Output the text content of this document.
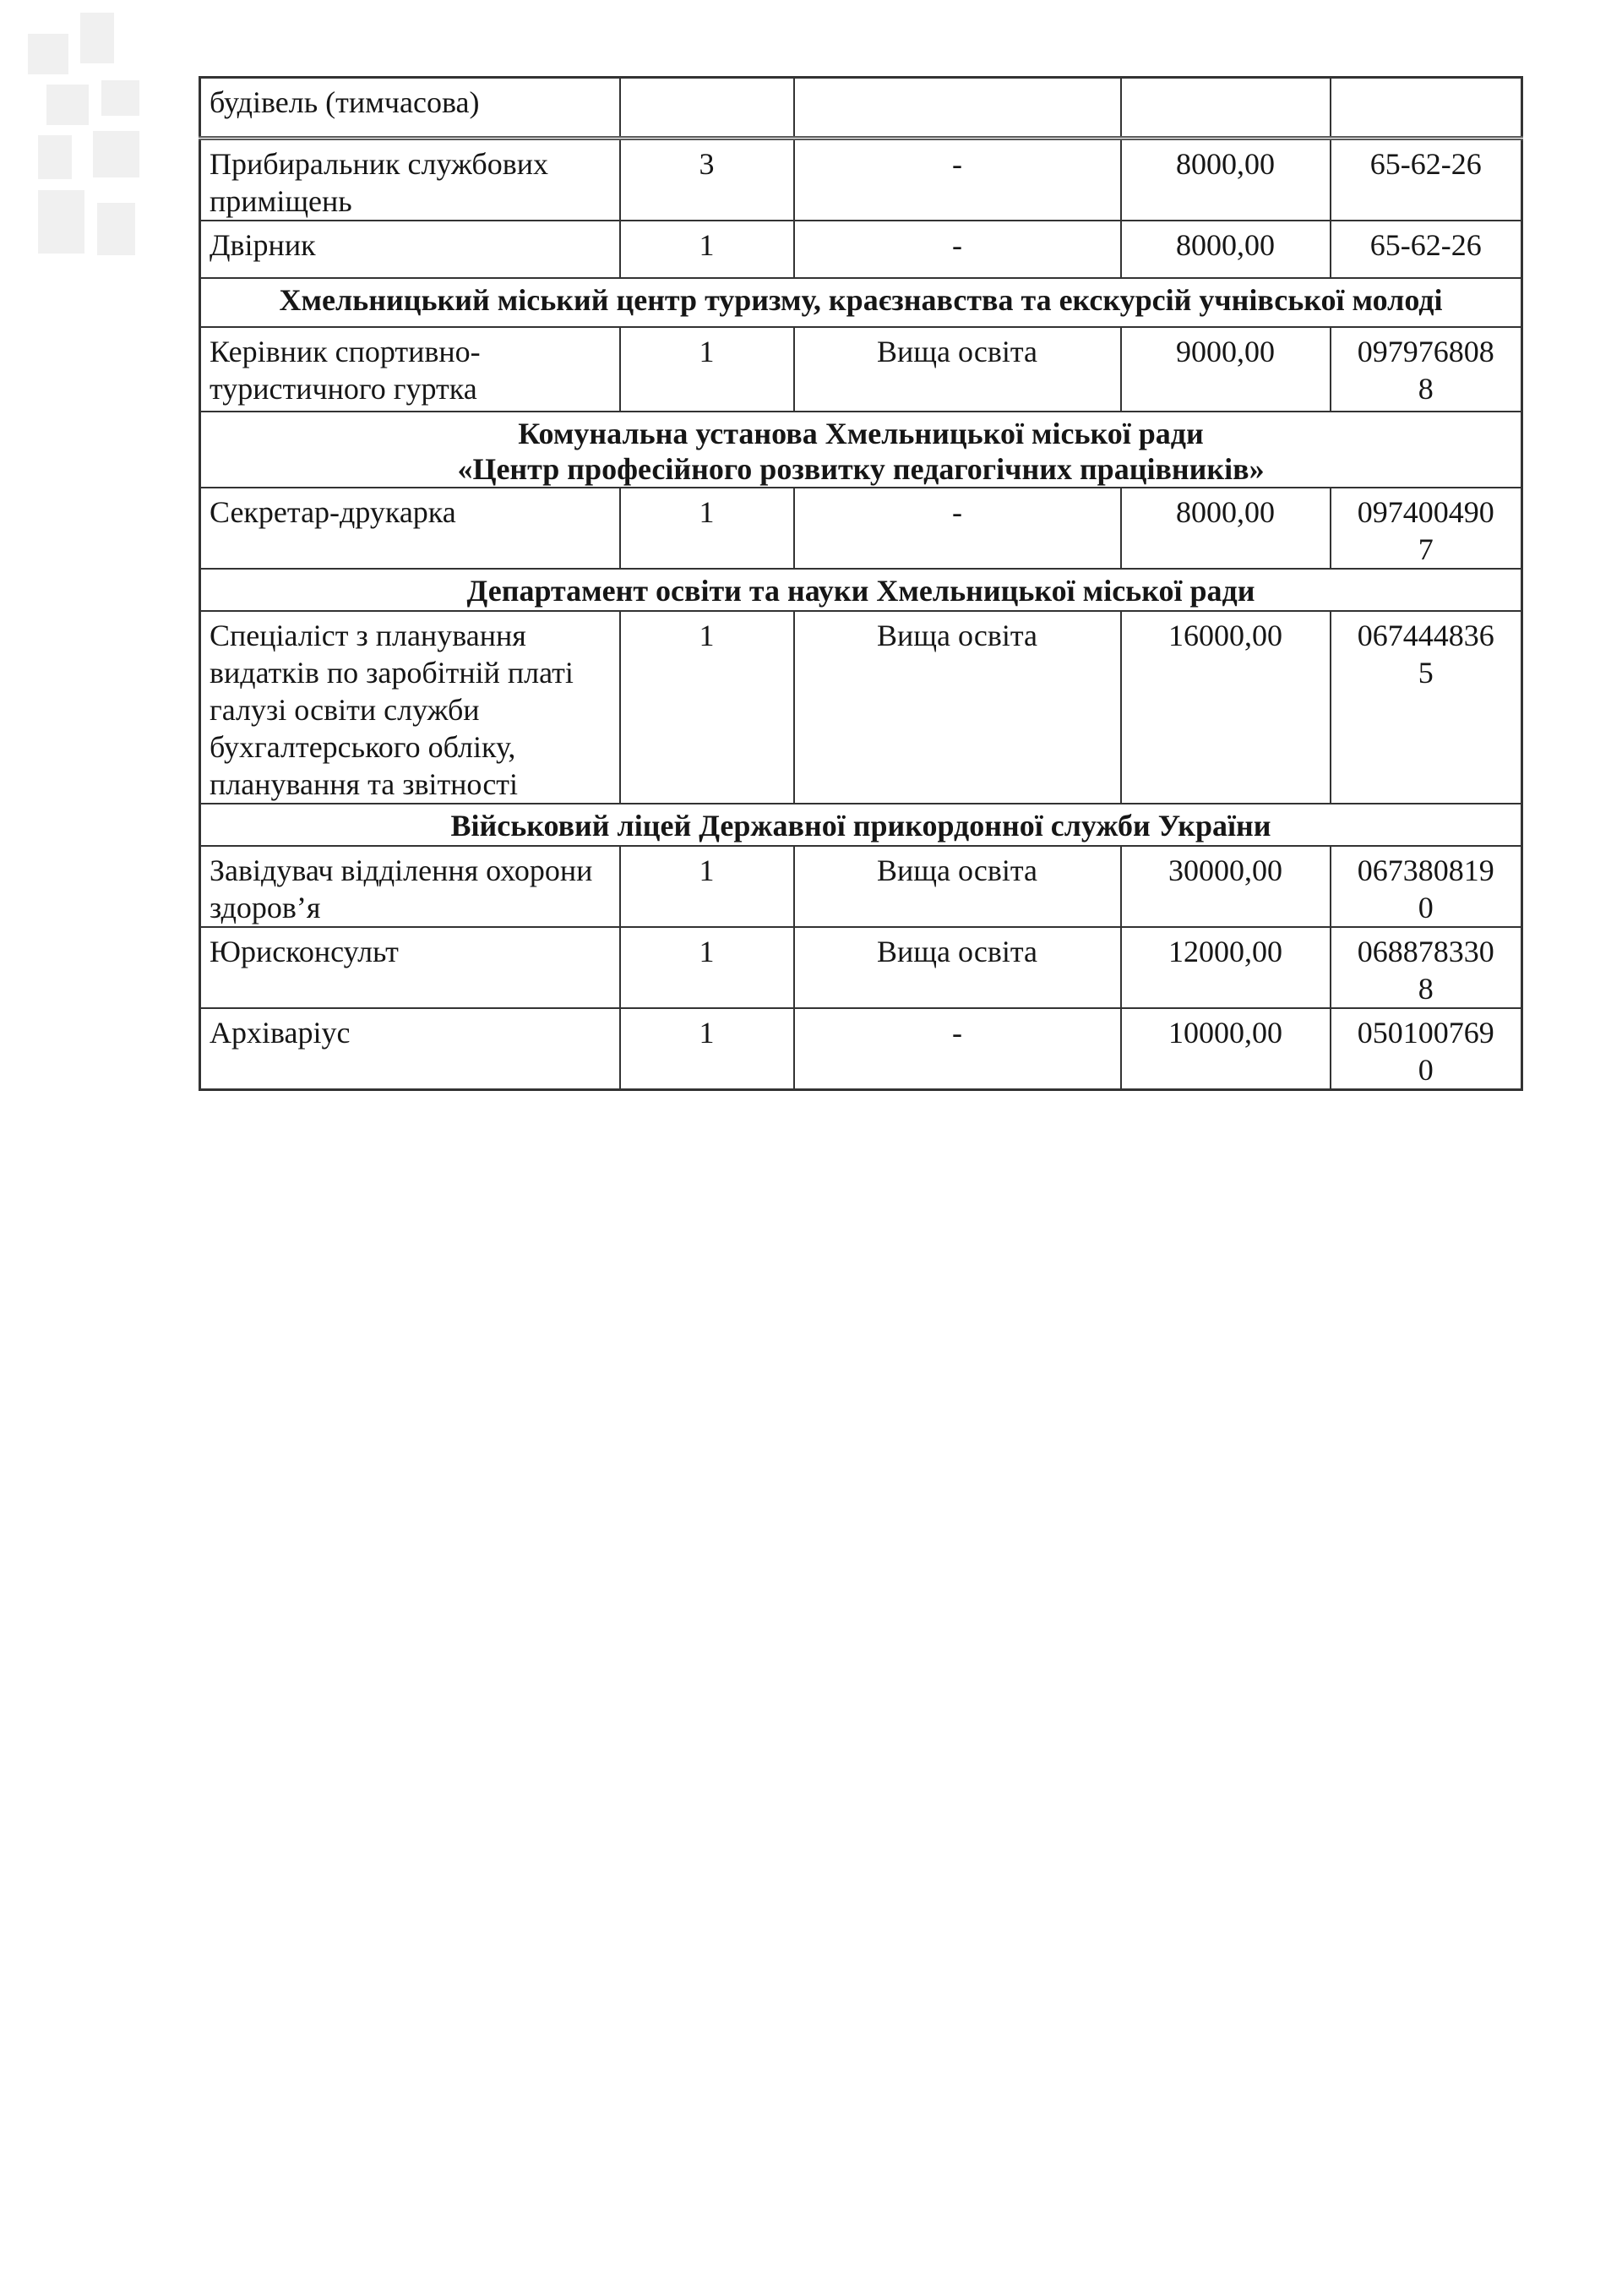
будівель (тимчасова)				
Прибиральник службових приміщень	3	-	8000,00	65-62-26
Двірник	1	-	8000,00	65-62-26
Хмельницький міський центр туризму, краєзнавства та екскурсій учнівської молоді				
Керівник спортивно-туристичного гуртка	1	Вища освіта	9000,00	0979768088

Комунальна установа Хмельницької міської ради
«Центр професійного розвитку педагогічних працівників»				

Секретар-друкарка	1	-	8000,00	0974004907
Департамент освіти та науки Хмельницької міської ради				
Спеціаліст з планування видатків по заробітній платі галузі освіти служби бухгалтерського обліку, планування та звітності	1	Вища освіта	16000,00	0674448365
Військовий ліцей Державної прикордонної служби України				
Завідувач відділення охорони здоров’я	1	Вища освіта	30000,00	0673808190
Юрисконсульт	1	Вища освіта	12000,00	0688783308
Архіваріус	1	-	10000,00	0501007690
